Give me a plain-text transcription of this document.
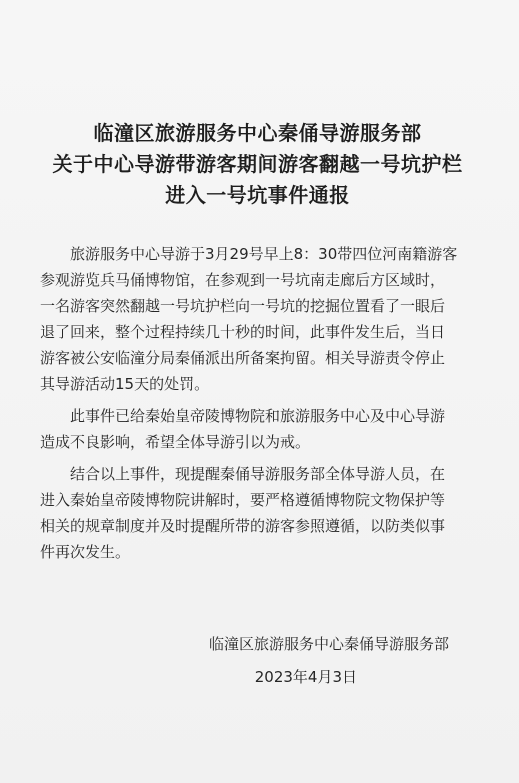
临潼区旅游服务中心秦俑导游服务部
关于中心导游带游客期间游客翻越一号坑护栏
进入一号坑事件通报
旅游服务中心导游于3月29号早上8：30带四位河南籍游客
参观游览兵马俑博物馆，在参观到一号坑南走廊后方区域时，
一名游客突然翻越一号坑护栏向一号坑的挖掘位置看了一眼后
退了回来，整个过程持续几十秒的时间，此事件发生后，当日
游客被公安临潼分局秦俑派出所备案拘留。相关导游责令停止
其导游活动15天的处罚。
此事件已给秦始皇帝陵博物院和旅游服务中心及中心导游
造成不良影响，希望全体导游引以为戒。
结合以上事件，现提醒秦俑导游服务部全体导游人员，在
进入秦始皇帝陵博物院讲解时，要严格遵循博物院文物保护等
相关的规章制度并及时提醒所带的游客参照遵循，以防类似事
件再次发生。
临潼区旅游服务中心秦俑导游服务部
2023年4月3日
